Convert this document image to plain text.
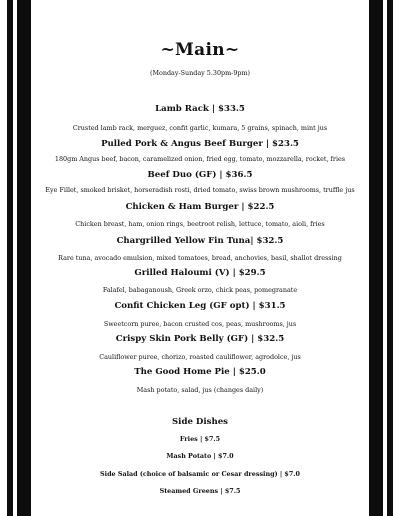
~Main~
(Monday-Sunday 5.30pm-9pm)
Lamb Rack | $33.5
Crusted lamb rack, merguez, confit garlic, kumara, 5 grains, spinach, mint jus
Pulled Pork & Angus Beef Burger | $23.5
180gm Angus beef, bacon, caramelized onion, fried egg, tomato, mozzarella, rocket, fries
Beef Duo (GF) | $36.5
Eye Fillet, smoked brisket, horseradish rosti, dried tomato, swiss brown mushrooms, truffle jus
Chicken & Ham Burger | $22.5
Chicken breast, ham, onion rings, beetroot relish, lettuce, tomato, aioli, fries
Chargrilled Yellow Fin Tuna| $32.5
Rare tuna, avocado emulsion, mixed tomatoes, bread, anchovies, basil, shallot dressing
Grilled Haloumi (V) | $29.5
Falafel, babaganoush, Greek orzo, chick peas, pomegranate
Confit Chicken Leg (GF opt) | $31.5
Sweetcorn puree, bacon crusted cos, peas, mushrooms, jus
Crispy Skin Pork Belly (GF) | $32.5
Cauliflower puree, chorizo, roasted cauliflower, agrodolce, jus
The Good Home Pie | $25.0
Mash potato, salad, jus (changes daily)
Side Dishes
Fries | $7.5
Mash Potato | $7.0
Side Salad (choice of balsamic or Cesar dressing) | $7.0
Steamed Greens | $7.5
